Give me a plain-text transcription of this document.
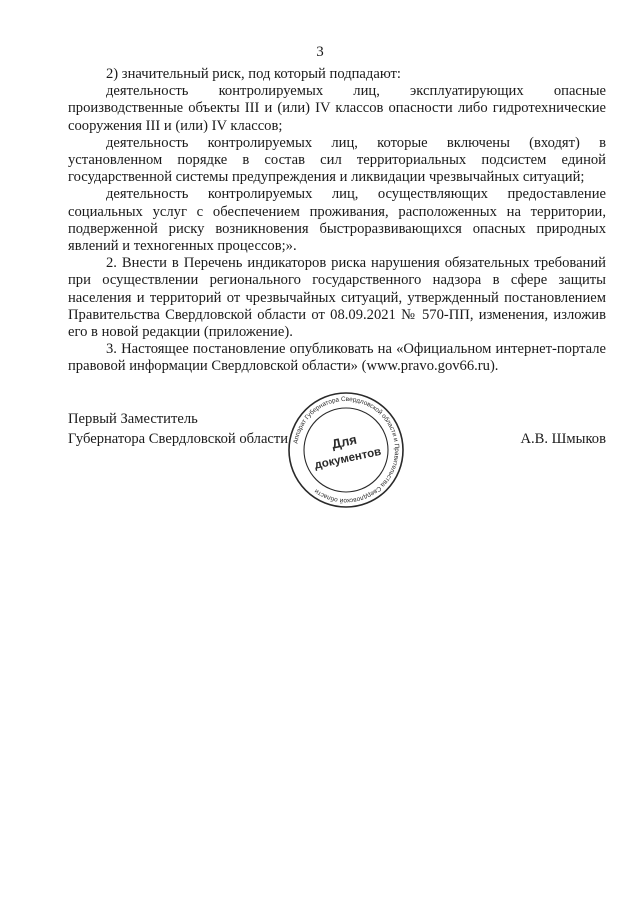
3

2) значительный риск, под который подпадают:

деятельность контролируемых лиц, эксплуатирующих опасные производственные объекты III и (или) IV классов опасности либо гидротехнические сооружения III и (или) IV классов;

деятельность контролируемых лиц, которые включены (входят) в установленном порядке в состав сил территориальных подсистем единой государственной системы предупреждения и ликвидации чрезвычайных ситуаций;

деятельность контролируемых лиц, осуществляющих предоставление социальных услуг с обеспечением проживания, расположенных на территории, подверженной риску возникновения быстроразвивающихся опасных природных явлений и техногенных процессов;».

2. Внести в Перечень индикаторов риска нарушения обязательных требований при осуществлении регионального государственного надзора в сфере защиты населения и территорий от чрезвычайных ситуаций, утвержденный постановлением Правительства Свердловской области от 08.09.2021 № 570-ПП, изменения, изложив его в новой редакции (приложение).

3. Настоящее постановление опубликовать на «Официальном интернет-портале правовой информации Свердловской области» (www.pravo.gov66.ru).

Первый Заместитель
Губернатора Свердловской области	А.В. Шмыков
Аппарат Губернатора Свердловской области и Правительства Свердловской области
Для
документов
